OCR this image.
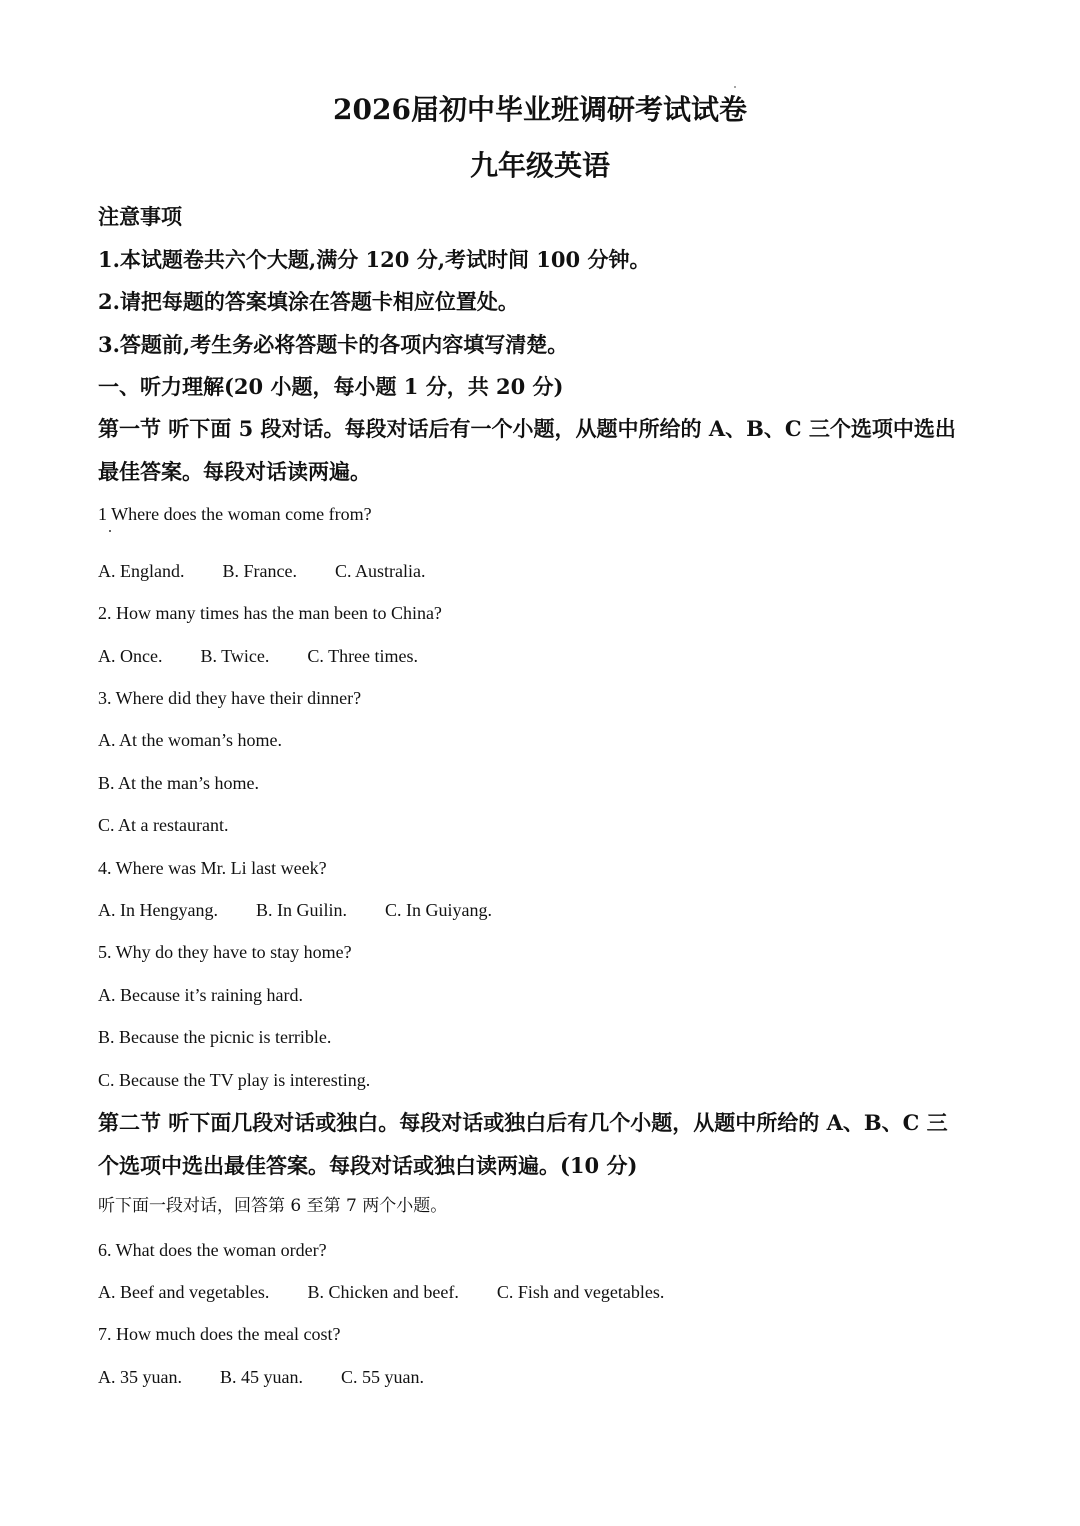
2026届初中毕业班调研考试试卷
九年级英语
注意事项
1.本试题卷共六个大题,满分 120 分,考试时间 100 分钟。
2.请把每题的答案填涂在答题卡相应位置处。
3.答题前,考生务必将答题卡的各项内容填写清楚。
一、听力理解(20 小题，每小题 1 分，共 20 分)
第一节 听下面 5 段对话。每段对话后有一个小题，从题中所给的 A、B、C 三个选项中选出
最佳答案。每段对话读两遍。
1 Where does the woman come from?
A. England. B. France. C. Australia.
2. How many times has the man been to China?
A. Once. B. Twice. C. Three times.
3. Where did they have their dinner?
A. At the woman’s home.
B. At the man’s home.
C. At a restaurant.
4. Where was Mr. Li last week?
A. In Hengyang. B. In Guilin. C. In Guiyang.
5. Why do they have to stay home?
A. Because it’s raining hard.
B. Because the picnic is terrible.
C. Because the TV play is interesting.
第二节 听下面几段对话或独白。每段对话或独白后有几个小题，从题中所给的 A、B、C 三
个选项中选出最佳答案。每段对话或独白读两遍。(10 分)
听下面一段对话，回答第 6 至第 7 两个小题。
6. What does the woman order?
A. Beef and vegetables. B. Chicken and beef. C. Fish and vegetables.
7. How much does the meal cost?
A. 35 yuan. B. 45 yuan. C. 55 yuan.
